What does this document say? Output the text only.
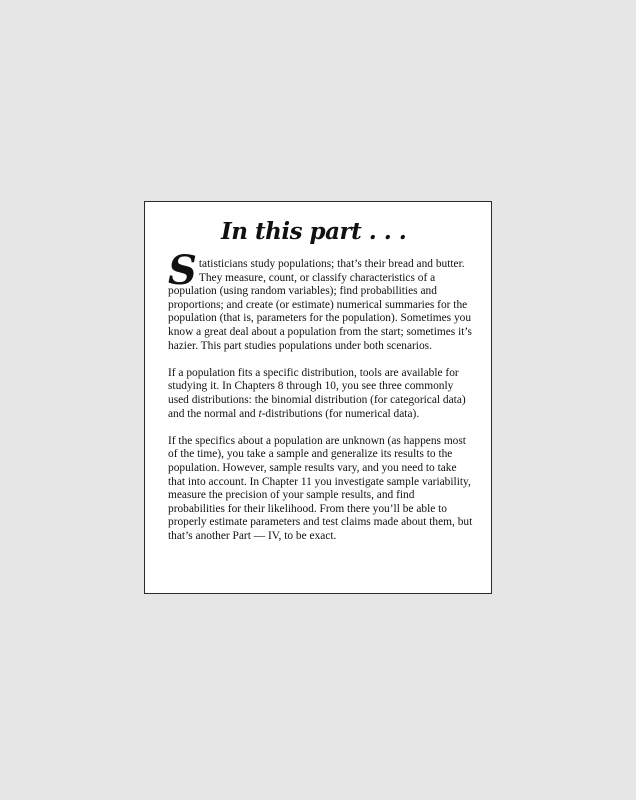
In this part . . .

Statisticians study populations; that’s their bread and butter. They measure, count, or classify characteristics of a population (using random variables); find probabilities and proportions; and create (or estimate) numerical summaries for the population (that is, parameters for the population). Sometimes you know a great deal about a population from the start; sometimes it’s hazier. This part studies populations under both scenarios.

If a population fits a specific distribution, tools are available for studying it. In Chapters 8 through 10, you see three commonly used distributions: the binomial distribution (for categorical data) and the normal and t-distributions (for numerical data).

If the specifics about a population are unknown (as happens most of the time), you take a sample and generalize its results to the population. However, sample results vary, and you need to take that into account. In Chapter 11 you investigate sample variability, measure the precision of your sample results, and find probabilities for their likelihood. From there you’ll be able to properly estimate parameters and test claims made about them, but that’s another Part — IV, to be exact.
